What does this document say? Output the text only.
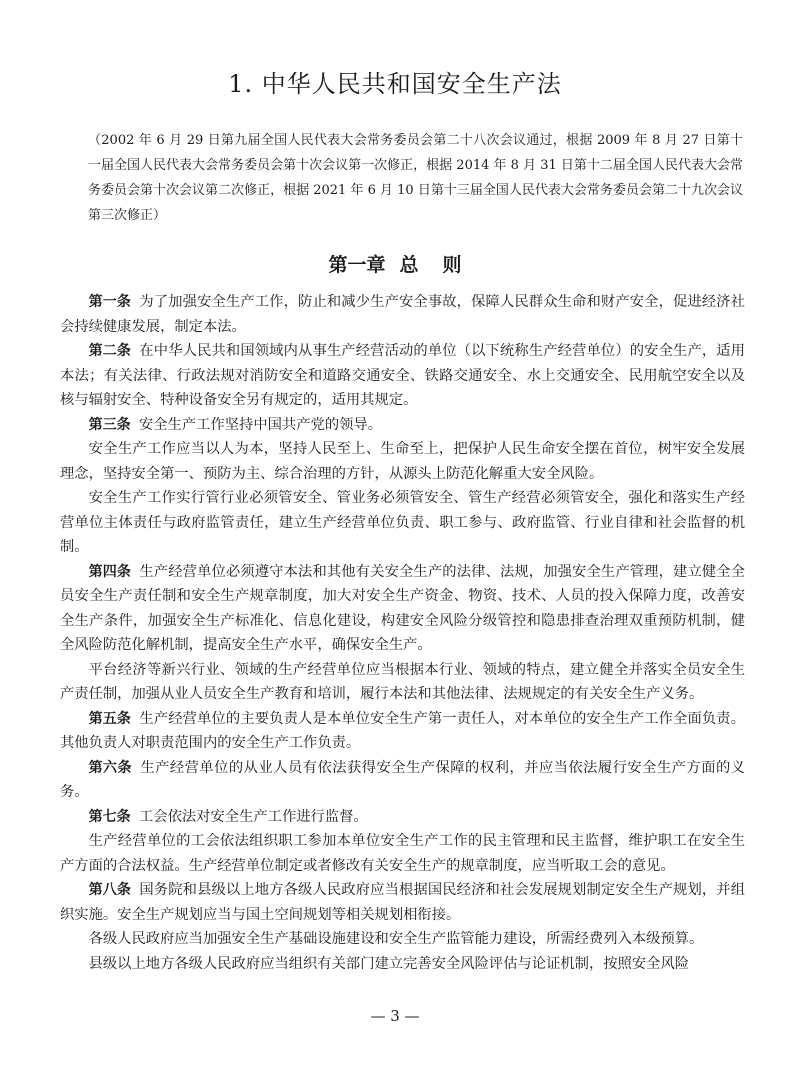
1. 中华人民共和国安全生产法
（2002 年 6 月 29 日第九届全国人民代表大会常务委员会第二十八次会议通过，根据 2009 年 8 月 27 日第十一届全国人民代表大会常务委员会第十次会议第一次修正，根据 2014 年 8 月 31 日第十二届全国人民代表大会常务委员会第十次会议第二次修正，根据 2021 年 6 月 10 日第十三届全国人民代表大会常务委员会第二十九次会议第三次修正）
第一章 总 则

第一条 为了加强安全生产工作，防止和减少生产安全事故，保障人民群众生命和财产安全，促进经济社会持续健康发展，制定本法。

第二条 在中华人民共和国领域内从事生产经营活动的单位（以下统称生产经营单位）的安全生产，适用本法；有关法律、行政法规对消防安全和道路交通安全、铁路交通安全、水上交通安全、民用航空安全以及核与辐射安全、特种设备安全另有规定的，适用其规定。

第三条 安全生产工作坚持中国共产党的领导。

安全生产工作应当以人为本，坚持人民至上、生命至上，把保护人民生命安全摆在首位，树牢安全发展理念，坚持安全第一、预防为主、综合治理的方针，从源头上防范化解重大安全风险。

安全生产工作实行管行业必须管安全、管业务必须管安全、管生产经营必须管安全，强化和落实生产经营单位主体责任与政府监管责任，建立生产经营单位负责、职工参与、政府监管、行业自律和社会监督的机制。

第四条 生产经营单位必须遵守本法和其他有关安全生产的法律、法规，加强安全生产管理，建立健全全员安全生产责任制和安全生产规章制度，加大对安全生产资金、物资、技术、人员的投入保障力度，改善安全生产条件，加强安全生产标准化、信息化建设，构建安全风险分级管控和隐患排查治理双重预防机制，健全风险防范化解机制，提高安全生产水平，确保安全生产。

平台经济等新兴行业、领域的生产经营单位应当根据本行业、领域的特点，建立健全并落实全员安全生产责任制，加强从业人员安全生产教育和培训，履行本法和其他法律、法规规定的有关安全生产义务。

第五条 生产经营单位的主要负责人是本单位安全生产第一责任人，对本单位的安全生产工作全面负责。其他负责人对职责范围内的安全生产工作负责。

第六条 生产经营单位的从业人员有依法获得安全生产保障的权利，并应当依法履行安全生产方面的义务。

第七条 工会依法对安全生产工作进行监督。

生产经营单位的工会依法组织职工参加本单位安全生产工作的民主管理和民主监督，维护职工在安全生产方面的合法权益。生产经营单位制定或者修改有关安全生产的规章制度，应当听取工会的意见。

第八条 国务院和县级以上地方各级人民政府应当根据国民经济和社会发展规划制定安全生产规划，并组织实施。安全生产规划应当与国土空间规划等相关规划相衔接。

各级人民政府应当加强安全生产基础设施建设和安全生产监管能力建设，所需经费列入本级预算。

县级以上地方各级人民政府应当组织有关部门建立完善安全风险评估与论证机制，按照安全风险

— 3 —
